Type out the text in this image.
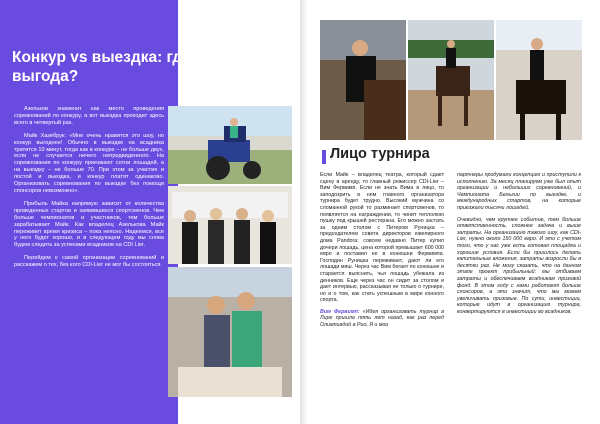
Конкур vs выездка: где выгода?

Азельков знаменит как место проведения соревнований по конкуру, а вот выездка проходит здесь всего в четвертый раз.

Майк Хазебрук: «Мне очень нравится это шоу, но конкур выгоднее! Обычно в выездке на всадника тратится 10 минут, тогда как в конкуре – не больше двух, если не случается ничего непредвиденного. На соревнования по конкуру приезжают сотни лошадей, а на выездку – не больше 70. При этом за участие и постой и выездка, и конкур платят одинаково. Организовать соревнования по выездке без помощи спонсоров невозможно».

Прибыль Майка напрямую зависит от количества проведенных стартов и заявившихся спортсменов. Чем больше чемпионатов и участников, тем больше зарабатывает Майк. Как владелец Азелькова Майк переживет время кризиса – пока неясно. Надеемся, все у него будет хорошо, и в следующем году мы снова будем следить за успехами всадников на CDI Lier.

Перейдем к самой организации соревнований и расскажем о тех, без кого CDI-Lier не мог бы состояться.

Лицо турнира

Если Майк – владелец театра, который сдает сцену в аренду, то главный режиссер CDI-Lier – Вим Фервимп. Если не знать Вима в лицо, то заподозрить в нем главного организатора турнира будет трудно. Высокий мужчина со сломанной рукой то разминает спортсменов, то появляется на награждении, то чинит теплолюю пушку под крышей ресторана. Его можно застать за одним столом с Питером Руницка – председателем совета директоров ювелирного дома Pandora: совсем недавно Питер купил дочери лошадь, цена которой превышает 600 000 евро и поставил ее в конюшни Фервимпа. Господин Руницка переживает, дают ли его лошади мяш. Через час Вим бегает по конюшне и старается выяснить, чья лошадь убежала из денников. Еще через час он сидит за столом и дает интервью, рассказывая не только о турнире, но и о том, как стать успешным в мире конного спорта.

Вим Фервимп: «Идея организовать турнир в Лире пришла пять лет назад, как раз перед Олимпиадой в Рио. Я и мои

партнеры продумали концепцию и приступили к исполнению. За месяц планируем уже был опыт организации и небольших соревнований, и Чемпионата Бельгии по выездке, и международных стартов, на которые приезжали тысячи лошадей.

Очевидно, чем крупнее событие, тем больше ответственность, сложнее задача и выше затраты. На организацию такого шоу, как CDI-Lier, нужно около 150 000 евро. И это с учетом того, что у нас уже есть готовая площадка и хорошие условия. Если бы пришлось делать капитальные вложения, затраты возросли бы в десятки раз. Не могу сказать, что на данном этапе проект прибыльный: мы отбиваем затраты и обеспечиваем всадникам призовой фонд. В этом году с нами работают больше спонсоров, а это значит, что мы можем увеличивать призовые. По сути, инвестиции, которые идут в организацию турнира, конвертируются в инвестиции во всадников.
